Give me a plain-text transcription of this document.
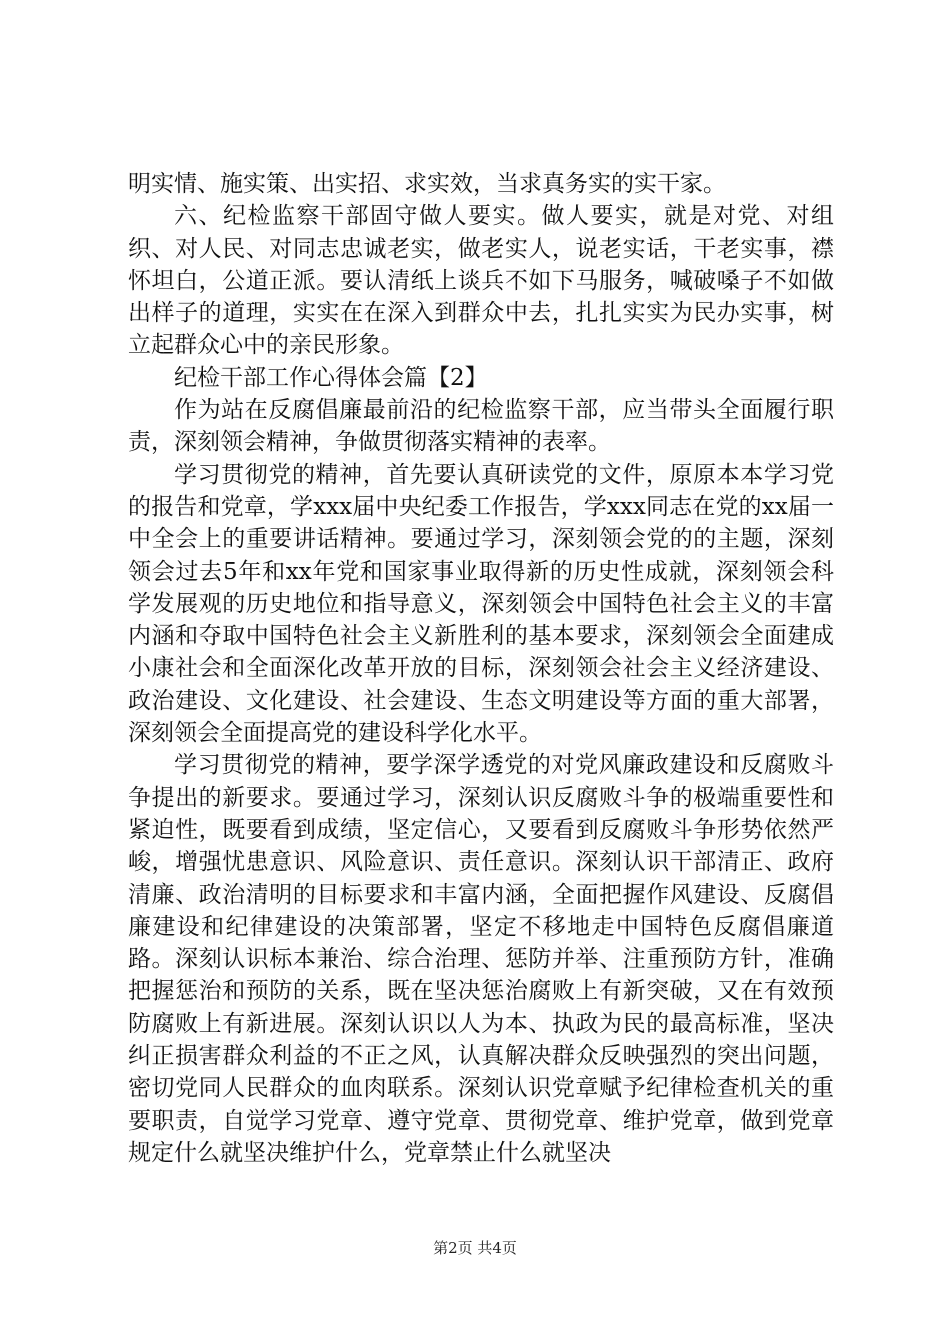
明实情、施实策、出实招、求实效，当求真务实的实干家。

六、纪检监察干部固守做人要实。做人要实，就是对党、对组织、对人民、对同志忠诚老实，做老实人，说老实话，干老实事，襟怀坦白，公道正派。要认清纸上谈兵不如下马服务，喊破嗓子不如做出样子的道理，实实在在深入到群众中去，扎扎实实为民办实事，树立起群众心中的亲民形象。

纪检干部工作心得体会篇【2】

作为站在反腐倡廉最前沿的纪检监察干部，应当带头全面履行职责，深刻领会精神，争做贯彻落实精神的表率。

学习贯彻党的精神，首先要认真研读党的文件，原原本本学习党的报告和党章，学xxx届中央纪委工作报告，学xxx同志在党的xx届一中全会上的重要讲话精神。要通过学习，深刻领会党的的主题，深刻领会过去5年和xx年党和国家事业取得新的历史性成就，深刻领会科学发展观的历史地位和指导意义，深刻领会中国特色社会主义的丰富内涵和夺取中国特色社会主义新胜利的基本要求，深刻领会全面建成小康社会和全面深化改革开放的目标，深刻领会社会主义经济建设、政治建设、文化建设、社会建设、生态文明建设等方面的重大部署，深刻领会全面提高党的建设科学化水平。

学习贯彻党的精神，要学深学透党的对党风廉政建设和反腐败斗争提出的新要求。要通过学习，深刻认识反腐败斗争的极端重要性和紧迫性，既要看到成绩，坚定信心，又要看到反腐败斗争形势依然严峻，增强忧患意识、风险意识、责任意识。深刻认识干部清正、政府清廉、政治清明的目标要求和丰富内涵，全面把握作风建设、反腐倡廉建设和纪律建设的决策部署，坚定不移地走中国特色反腐倡廉道路。深刻认识标本兼治、综合治理、惩防并举、注重预防方针，准确把握惩治和预防的关系，既在坚决惩治腐败上有新突破，又在有效预防腐败上有新进展。深刻认识以人为本、执政为民的最高标准，坚决纠正损害群众利益的不正之风，认真解决群众反映强烈的突出问题，密切党同人民群众的血肉联系。深刻认识党章赋予纪律检查机关的重要职责，自觉学习党章、遵守党章、贯彻党章、维护党章，做到党章规定什么就坚决维护什么，党章禁止什么就坚决

第2页 共4页
